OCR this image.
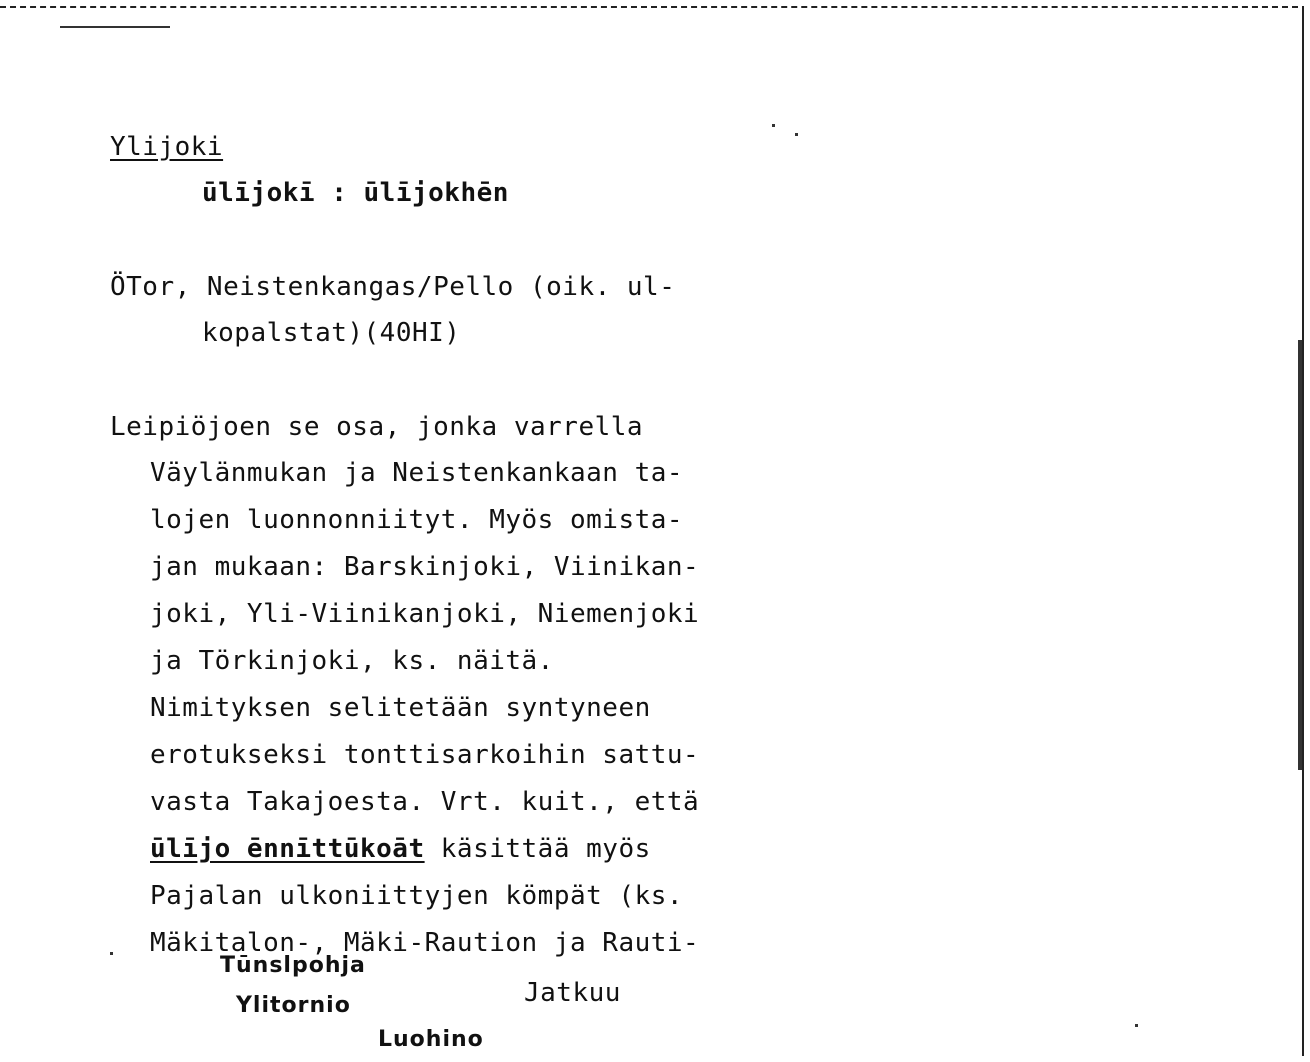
Ylijoki
ūlījokī : ūlījokhēn
ÖTor, Neistenkangas/Pello (oik. ul-
kopalstat)(40HI)
Leipiöjoen se osa, jonka varrella
Väylänmukan ja Neistenkankaan ta-
lojen luonnonniityt. Myös omista-
jan mukaan: Barskinjoki, Viinikan-
joki, Yli-Viinikanjoki, Niemenjoki
ja Törkinjoki, ks. näitä.
Nimityksen selitetään syntyneen
erotukseksi tonttisarkoihin sattu-
vasta Takajoesta. Vrt. kuit., että
ūlījo ēnnīttūkoāt käsittää myös
Pajalan ulkoniittyjen kömpät (ks.
Mäkitalon-, Mäki-Raution ja Rauti-
Jatkuu
Tūnslpohja
Ylitornio
Luohino
